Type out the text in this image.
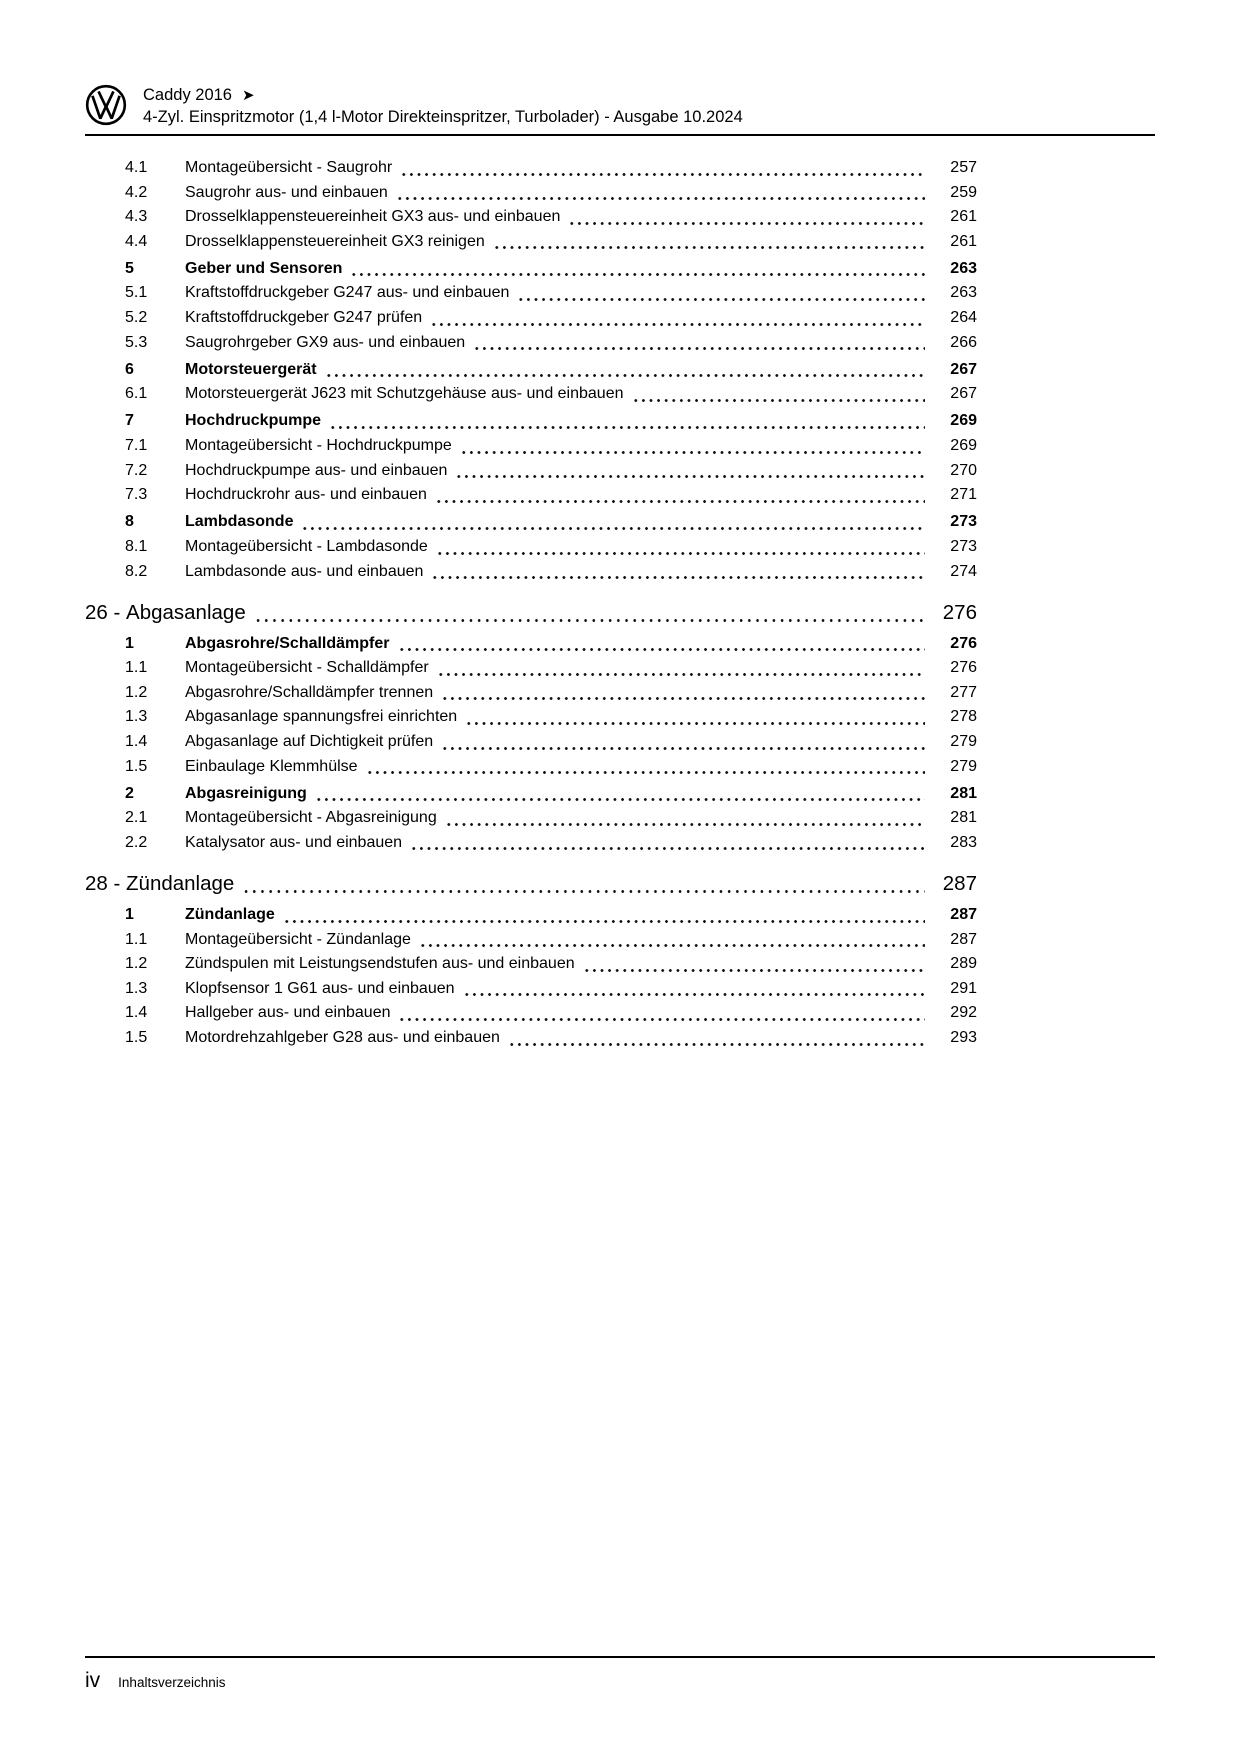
Caddy 2016 ➤
4-Zyl. Einspritzmotor (1,4 l-Motor Direkteinspritzer, Turbolader) - Ausgabe 10.2024
4.1	Montageübersicht - Saugrohr	257
4.2	Saugrohr aus- und einbauen	259
4.3	Drosselklappensteuereinheit GX3 aus- und einbauen	261
4.4	Drosselklappensteuereinheit GX3 reinigen	261
5	Geber und Sensoren	263
5.1	Kraftstoffdruckgeber G247 aus- und einbauen	263
5.2	Kraftstoffdruckgeber G247 prüfen	264
5.3	Saugrohrgeber GX9 aus- und einbauen	266
6	Motorsteuergerät	267
6.1	Motorsteuergerät J623 mit Schutzgehäuse aus- und einbauen	267
7	Hochdruckpumpe	269
7.1	Montageübersicht - Hochdruckpumpe	269
7.2	Hochdruckpumpe aus- und einbauen	270
7.3	Hochdruckrohr aus- und einbauen	271
8	Lambdasonde	273
8.1	Montageübersicht - Lambdasonde	273
8.2	Lambdasonde aus- und einbauen	274
26 - Abgasanlage	276
1	Abgasrohre/Schalldämpfer	276
1.1	Montageübersicht - Schalldämpfer	276
1.2	Abgasrohre/Schalldämpfer trennen	277
1.3	Abgasanlage spannungsfrei einrichten	278
1.4	Abgasanlage auf Dichtigkeit prüfen	279
1.5	Einbaulage Klemmhülse	279
2	Abgasreinigung	281
2.1	Montageübersicht - Abgasreinigung	281
2.2	Katalysator aus- und einbauen	283
28 - Zündanlage	287
1	Zündanlage	287
1.1	Montageübersicht - Zündanlage	287
1.2	Zündspulen mit Leistungsendstufen aus- und einbauen	289
1.3	Klopfsensor 1 G61 aus- und einbauen	291
1.4	Hallgeber aus- und einbauen	292
1.5	Motordrehzahlgeber G28 aus- und einbauen	293
iv Inhaltsverzeichnis
